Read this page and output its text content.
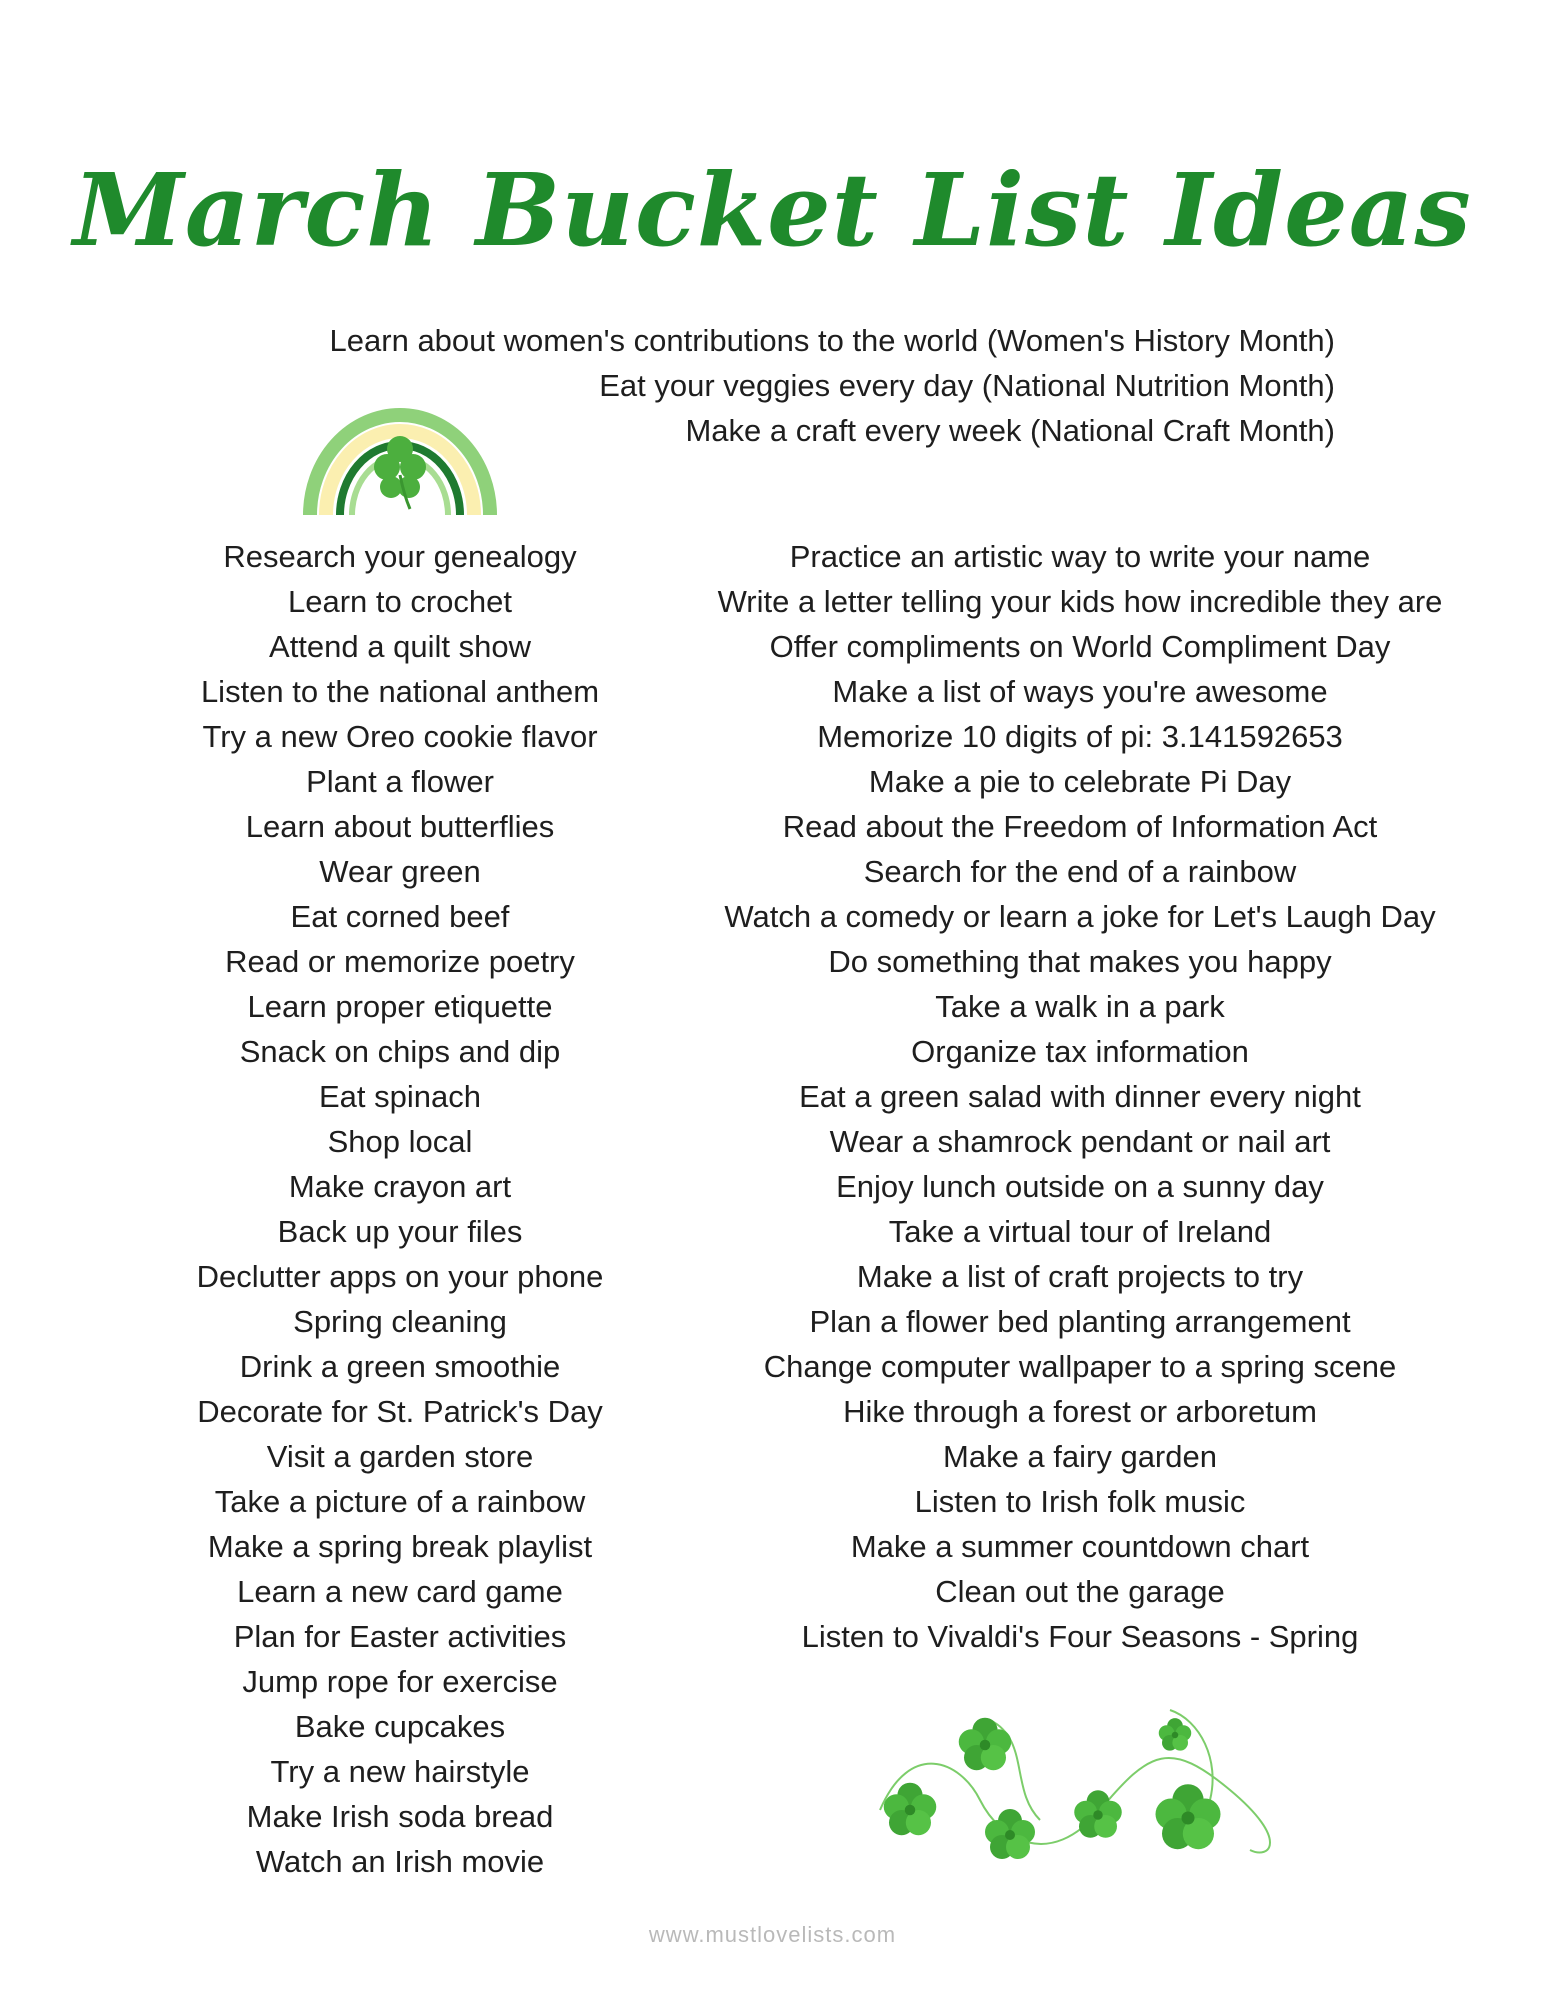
March Bucket List Ideas
Learn about women's contributions to the world (Women's History Month)
Eat your veggies every day (National Nutrition Month)
Make a craft every week (National Craft Month)
Research your genealogy
Learn to crochet
Attend a quilt show
Listen to the national anthem
Try a new Oreo cookie flavor
Plant a flower
Learn about butterflies
Wear green
Eat corned beef
Read or memorize poetry
Learn proper etiquette
Snack on chips and dip
Eat spinach
Shop local
Make crayon art
Back up your files
Declutter apps on your phone
Spring cleaning
Drink a green smoothie
Decorate for St. Patrick's Day
Visit a garden store
Take a picture of a rainbow
Make a spring break playlist
Learn a new card game
Plan for Easter activities
Jump rope for exercise
Bake cupcakes
Try a new hairstyle
Make Irish soda bread
Watch an Irish movie
Practice an artistic way to write your name
Write a letter telling your kids how incredible they are
Offer compliments on World Compliment Day
Make a list of ways you're awesome
Memorize 10 digits of pi: 3.141592653
Make a pie to celebrate Pi Day
Read about the Freedom of Information Act
Search for the end of a rainbow
Watch a comedy or learn a joke for Let's Laugh Day
Do something that makes you happy
Take a walk in a park
Organize tax information
Eat a green salad with dinner every night
Wear a shamrock pendant or nail art
Enjoy lunch outside on a sunny day
Take a virtual tour of Ireland
Make a list of craft projects to try
Plan a flower bed planting arrangement
Change computer wallpaper to a spring scene
Hike through a forest or arboretum
Make a fairy garden
Listen to Irish folk music
Make a summer countdown chart
Clean out the garage
Listen to Vivaldi's Four Seasons - Spring
www.mustlovelists.com
